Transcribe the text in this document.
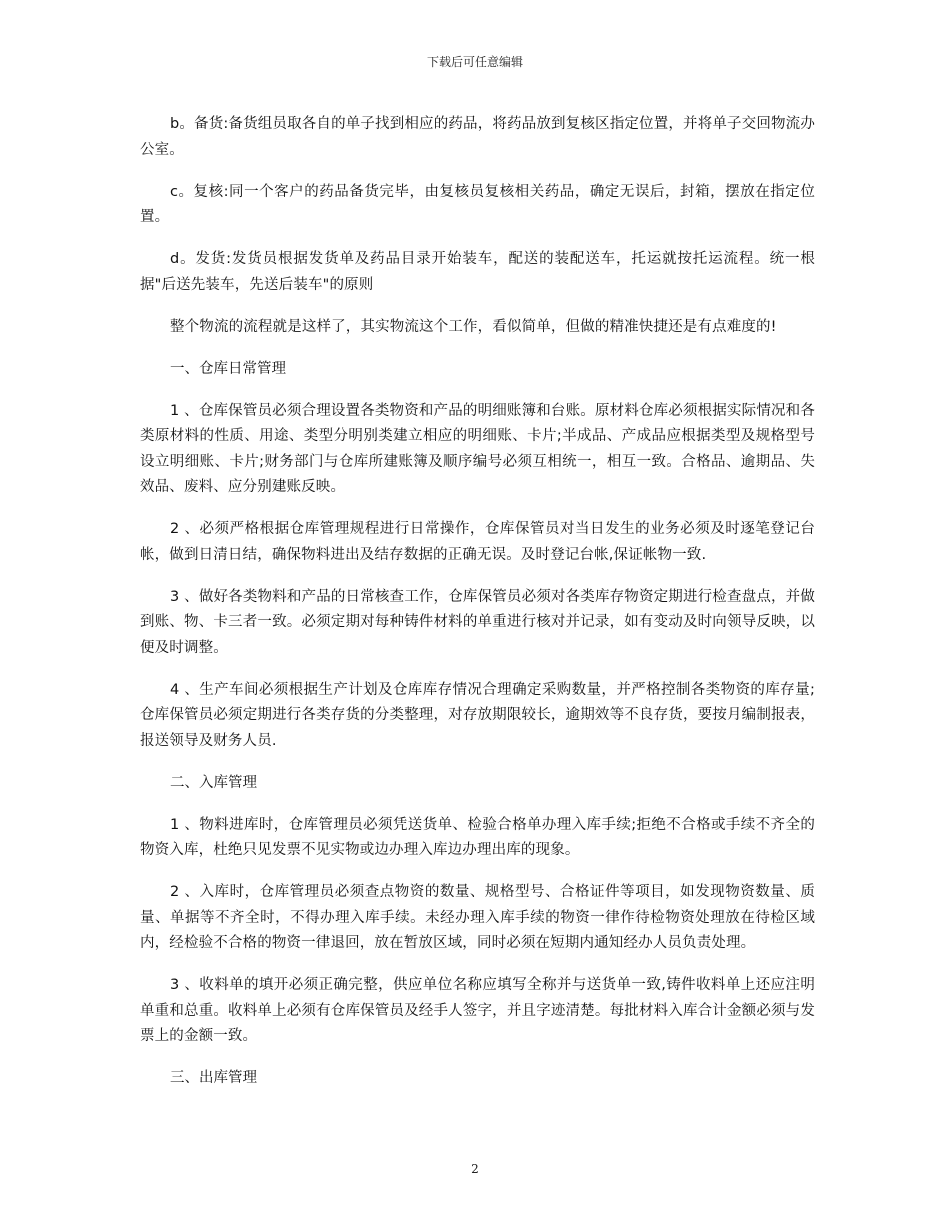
下载后可任意编辑

b。备货:备货组员取各自的单子找到相应的药品，将药品放到复核区指定位置，并将单子交回物流办公室。

c。复核:同一个客户的药品备货完毕，由复核员复核相关药品，确定无误后，封箱，摆放在指定位置。

d。发货:发货员根据发货单及药品目录开始装车，配送的装配送车，托运就按托运流程。统一根据"后送先装车，先送后装车"的原则

整个物流的流程就是这样了，其实物流这个工作，看似简单，但做的精准快捷还是有点难度的!

一、仓库日常管理

1 、仓库保管员必须合理设置各类物资和产品的明细账簿和台账。原材料仓库必须根据实际情况和各类原材料的性质、用途、类型分明别类建立相应的明细账、卡片;半成品、产成品应根据类型及规格型号设立明细账、卡片;财务部门与仓库所建账簿及顺序编号必须互相统一，相互一致。合格品、逾期品、失效品、废料、应分别建账反映。

2 、必须严格根据仓库管理规程进行日常操作，仓库保管员对当日发生的业务必须及时逐笔登记台帐，做到日清日结，确保物料进出及结存数据的正确无误。及时登记台帐,保证帐物一致.

3 、做好各类物料和产品的日常核查工作，仓库保管员必须对各类库存物资定期进行检查盘点，并做到账、物、卡三者一致。必须定期对每种铸件材料的单重进行核对并记录，如有变动及时向领导反映，以便及时调整。

4 、生产车间必须根据生产计划及仓库库存情况合理确定采购数量，并严格控制各类物资的库存量;仓库保管员必须定期进行各类存货的分类整理，对存放期限较长，逾期效等不良存货，要按月编制报表，报送领导及财务人员.

二、入库管理

1 、物料进库时，仓库管理员必须凭送货单、检验合格单办理入库手续;拒绝不合格或手续不齐全的物资入库，杜绝只见发票不见实物或边办理入库边办理出库的现象。

2 、入库时，仓库管理员必须查点物资的数量、规格型号、合格证件等项目，如发现物资数量、质量、单据等不齐全时，不得办理入库手续。未经办理入库手续的物资一律作待检物资处理放在待检区域内，经检验不合格的物资一律退回，放在暂放区域，同时必须在短期内通知经办人员负责处理。

3 、收料单的填开必须正确完整，供应单位名称应填写全称并与送货单一致,铸件收料单上还应注明单重和总重。收料单上必须有仓库保管员及经手人签字，并且字迹清楚。每批材料入库合计金额必须与发票上的金额一致。

三、出库管理

2
